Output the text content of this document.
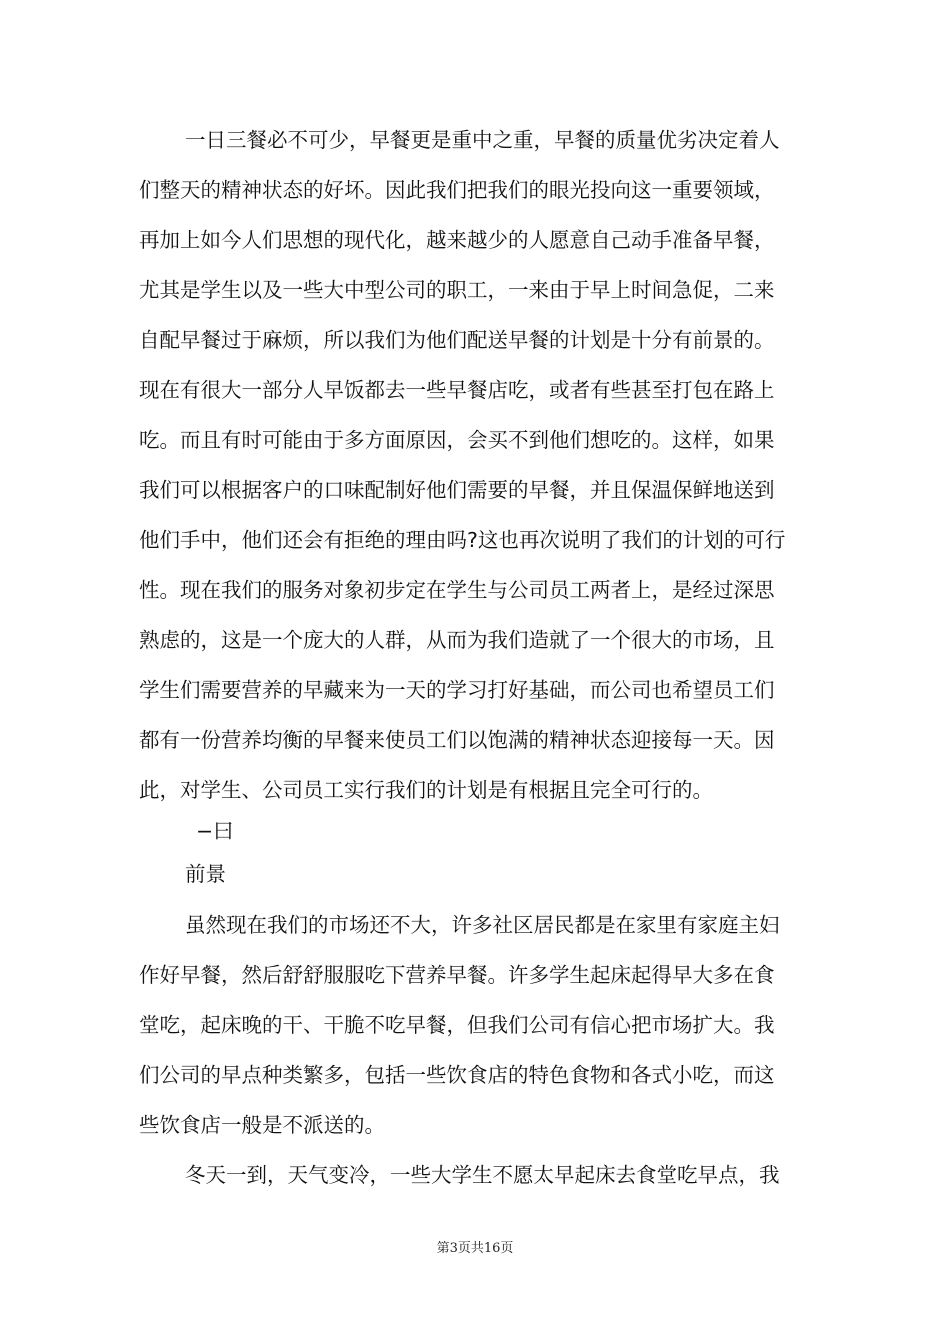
一日三餐必不可少，早餐更是重中之重，早餐的质量优劣决定着人
们整天的精神状态的好坏。因此我们把我们的眼光投向这一重要领域，
再加上如今人们思想的现代化，越来越少的人愿意自己动手准备早餐，
尤其是学生以及一些大中型公司的职工，一来由于早上时间急促，二来
自配早餐过于麻烦，所以我们为他们配送早餐的计划是十分有前景的。
现在有很大一部分人早饭都去一些早餐店吃，或者有些甚至打包在路上
吃。而且有时可能由于多方面原因，会买不到他们想吃的。这样，如果
我们可以根据客户的口味配制好他们需要的早餐，并且保温保鲜地送到
他们手中，他们还会有拒绝的理由吗?这也再次说明了我们的计划的可行
性。现在我们的服务对象初步定在学生与公司员工两者上，是经过深思
熟虑的，这是一个庞大的人群，从而为我们造就了一个很大的市场，且
学生们需要营养的早藏来为一天的学习打好基础，而公司也希望员工们
都有一份营养均衡的早餐来使员工们以饱满的精神状态迎接每一天。因
此，对学生、公司员工实行我们的计划是有根据且完全可行的。
−曰
前景
虽然现在我们的市场还不大，许多社区居民都是在家里有家庭主妇
作好早餐，然后舒舒服服吃下营养早餐。许多学生起床起得早大多在食
堂吃，起床晚的干、干脆不吃早餐，但我们公司有信心把市场扩大。我
们公司的早点种类繁多，包括一些饮食店的特色食物和各式小吃，而这
些饮食店一般是不派送的。
冬天一到，天气变冷，一些大学生不愿太早起床去食堂吃早点，我
第3页共16页
